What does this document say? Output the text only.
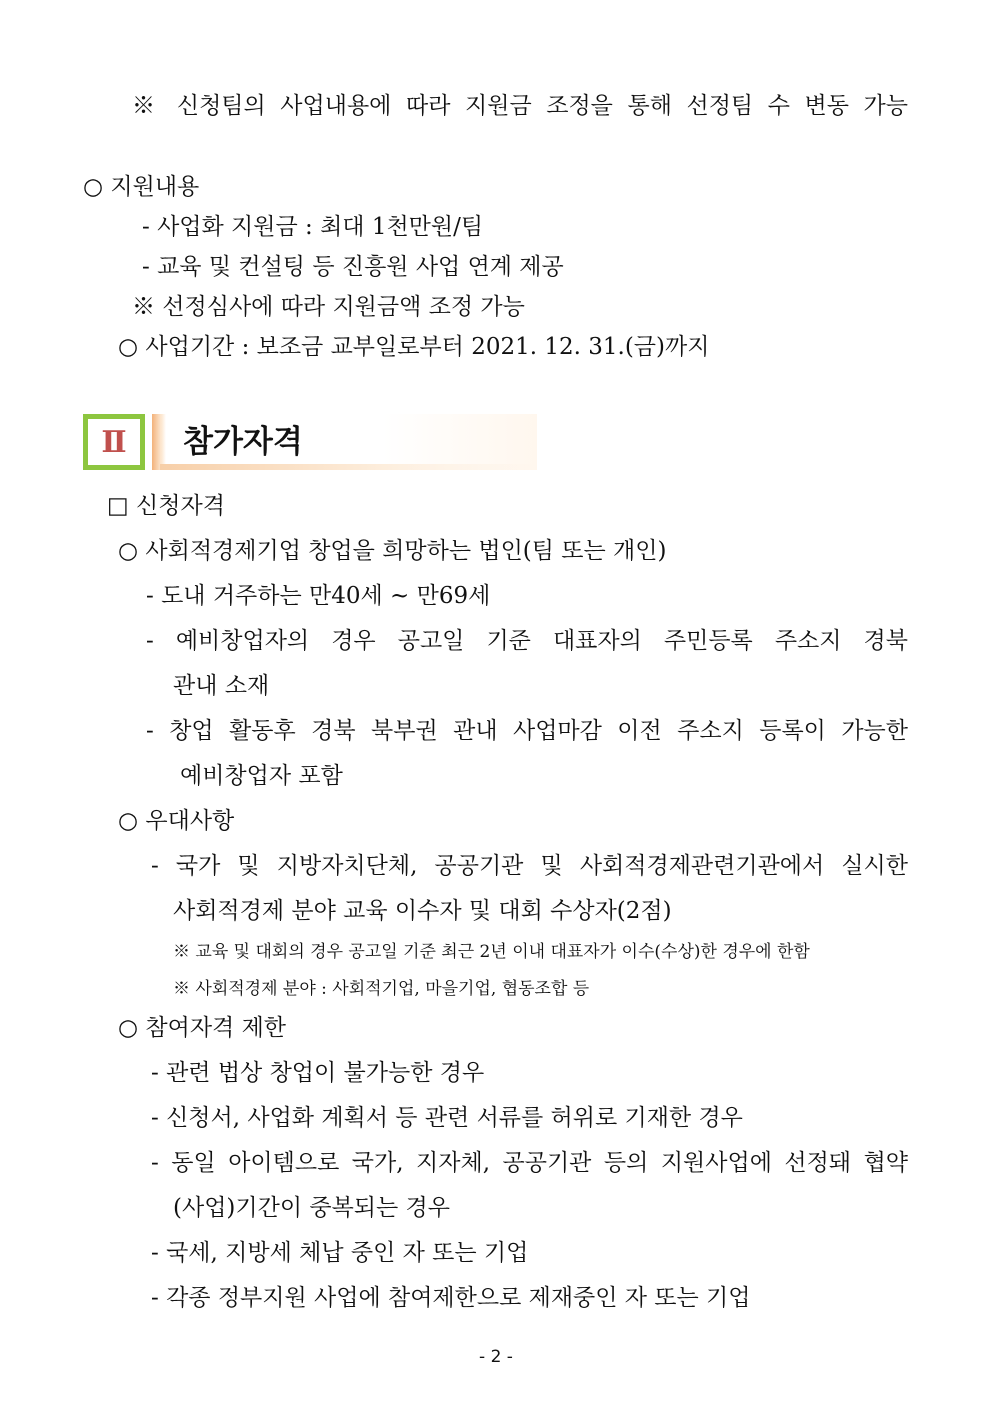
※ 신청팀의 사업내용에 따라 지원금 조정을 통해 선정팀 수 변동 가능
○ 지원내용
- 사업화 지원금 : 최대 1천만원/팀
- 교육 및 컨설팅 등 진흥원 사업 연계 제공
※ 선정심사에 따라 지원금액 조정 가능
○ 사업기간 : 보조금 교부일로부터 2021. 12. 31.(금)까지
Ⅱ 참가자격
□ 신청자격
○ 사회적경제기업 창업을 희망하는 법인(팀 또는 개인)
- 도내 거주하는 만40세 ~ 만69세
- 예비창업자의 경우 공고일 기준 대표자의 주민등록 주소지 경북
관내 소재
- 창업 활동후 경북 북부권 관내 사업마감 이전 주소지 등록이 가능한
예비창업자 포함
○ 우대사항
- 국가 및 지방자치단체, 공공기관 및 사회적경제관련기관에서 실시한
사회적경제 분야 교육 이수자 및 대회 수상자(2점)
※ 교육 및 대회의 경우 공고일 기준 최근 2년 이내 대표자가 이수(수상)한 경우에 한함
※ 사회적경제 분야 : 사회적기업, 마을기업, 협동조합 등
○ 참여자격 제한
- 관련 법상 창업이 불가능한 경우
- 신청서, 사업화 계획서 등 관련 서류를 허위로 기재한 경우
- 동일 아이템으로 국가, 지자체, 공공기관 등의 지원사업에 선정돼 협약
(사업)기간이 중복되는 경우
- 국세, 지방세 체납 중인 자 또는 기업
- 각종 정부지원 사업에 참여제한으로 제재중인 자 또는 기업
- 2 -
